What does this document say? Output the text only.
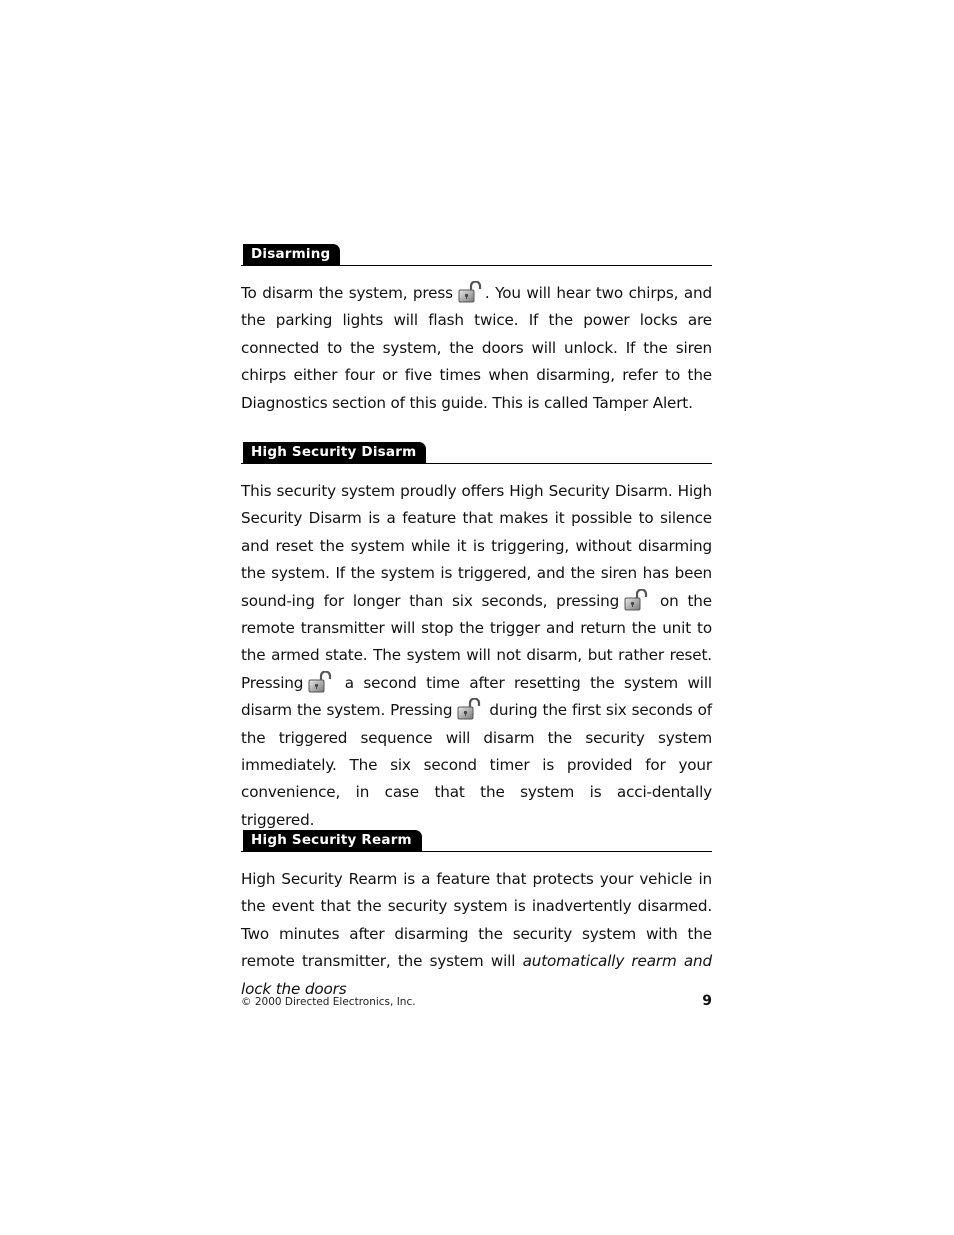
Disarming

To disarm the system, press . You will hear two chirps, and the parking lights will flash twice. If the power locks are connected to the system, the doors will unlock. If the siren chirps either four or five times when disarming, refer to the Diagnostics section of this guide. This is called Tamper Alert.

High Security Disarm

This security system proudly offers High Security Disarm. High Security Disarm is a feature that makes it possible to silence and reset the system while it is triggering, without disarming the system. If the system is triggered, and the siren has been sound-ing for longer than six seconds, pressing	on the remote transmitter will stop the trigger and return the unit to the armed state. The system will not disarm, but rather reset. Pressing	a second time after resetting the system will disarm the system. Pressing during the first six seconds of the triggered sequence will disarm the security system immediately. The six second timer is provided for your convenience, in case that the system is acci-dentally triggered.

High Security Rearm

High Security Rearm is a feature that protects your vehicle in the event that the security system is inadvertently disarmed. Two minutes after disarming the security system with the remote transmitter, the system will automatically rearm and lock the doors

© 2000 Directed Electronics, Inc.	9
